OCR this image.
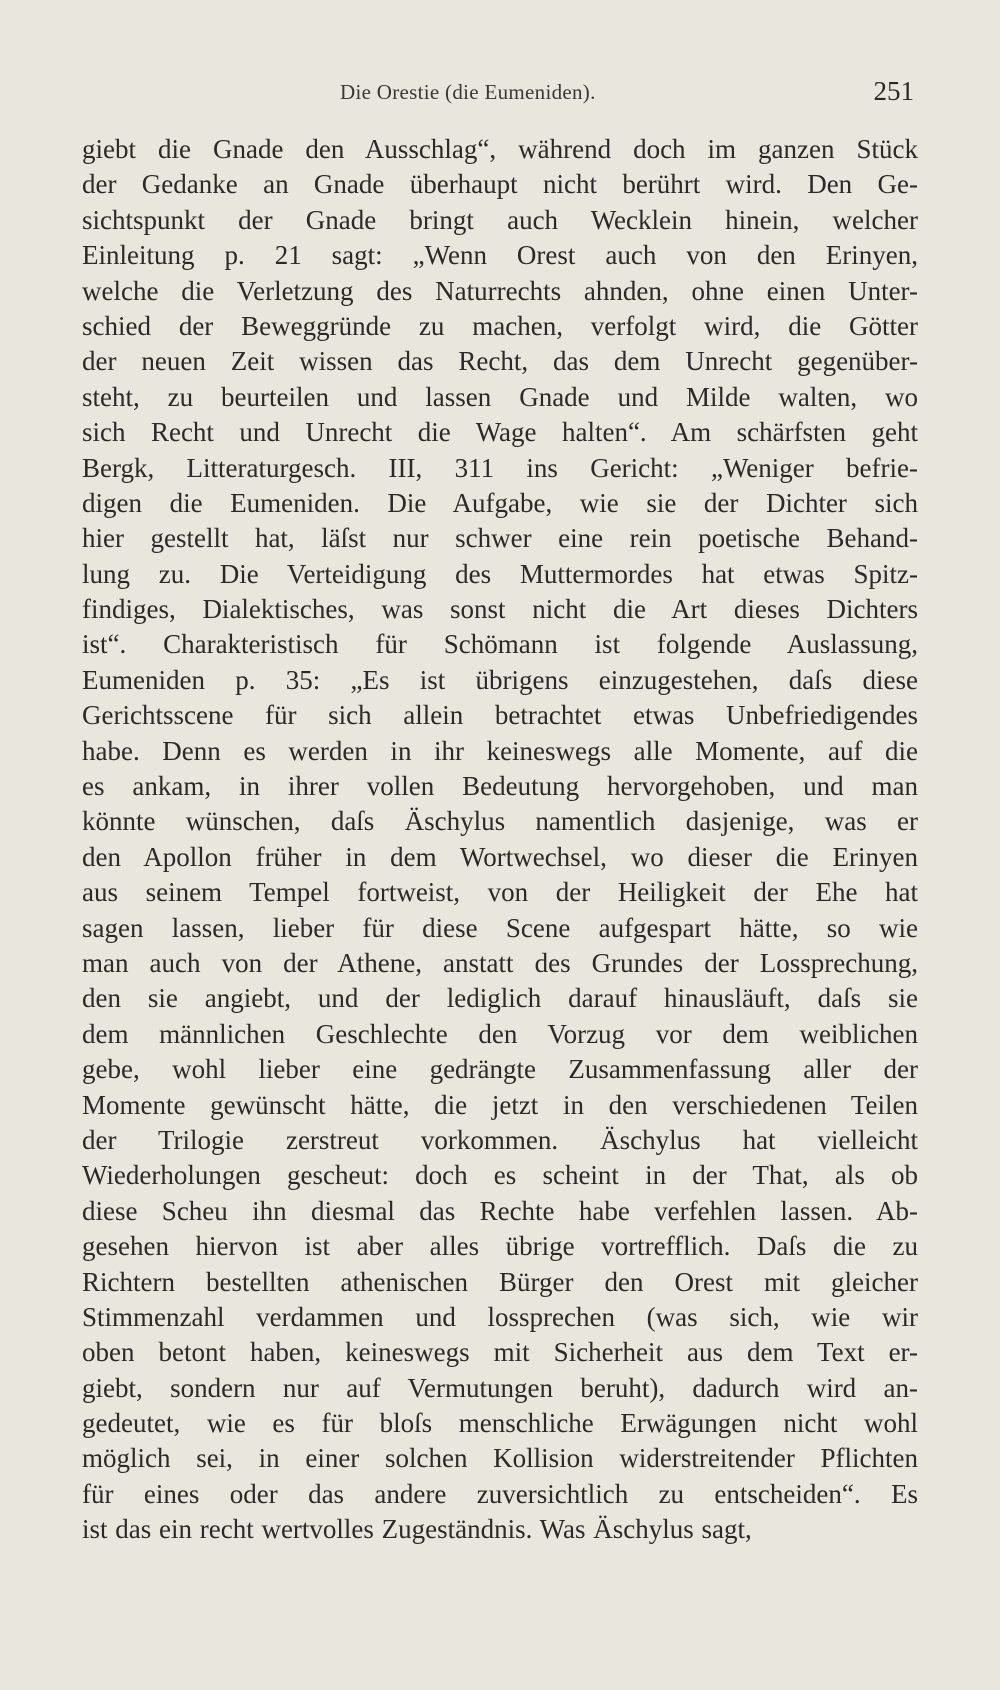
Die Orestie (die Eumeniden).	251
giebt die Gnade den Ausschlag“, während doch im ganzen Stück
der Gedanke an Gnade überhaupt nicht berührt wird. Den Ge-
sichtspunkt der Gnade bringt auch Wecklein hinein, welcher
Einleitung p. 21 sagt: „Wenn Orest auch von den Erinyen,
welche die Verletzung des Naturrechts ahnden, ohne einen Unter-
schied der Beweggründe zu machen, verfolgt wird, die Götter
der neuen Zeit wissen das Recht, das dem Unrecht gegenüber-
steht, zu beurteilen und lassen Gnade und Milde walten, wo
sich Recht und Unrecht die Wage halten“. Am schärfsten geht
Bergk, Litteraturgesch. III, 311 ins Gericht: „Weniger befrie-
digen die Eumeniden. Die Aufgabe, wie sie der Dichter sich
hier gestellt hat, läſst nur schwer eine rein poetische Behand-
lung zu. Die Verteidigung des Muttermordes hat etwas Spitz-
findiges, Dialektisches, was sonst nicht die Art dieses Dichters
ist“. Charakteristisch für Schömann ist folgende Auslassung,
Eumeniden p. 35: „Es ist übrigens einzugestehen, daſs diese
Gerichtsscene für sich allein betrachtet etwas Unbefriedigendes
habe. Denn es werden in ihr keineswegs alle Momente, auf die
es ankam, in ihrer vollen Bedeutung hervorgehoben, und man
könnte wünschen, daſs Äschylus namentlich dasjenige, was er
den Apollon früher in dem Wortwechsel, wo dieser die Erinyen
aus seinem Tempel fortweist, von der Heiligkeit der Ehe hat
sagen lassen, lieber für diese Scene aufgespart hätte, so wie
man auch von der Athene, anstatt des Grundes der Lossprechung,
den sie angiebt, und der lediglich darauf hinausläuft, daſs sie
dem männlichen Geschlechte den Vorzug vor dem weiblichen
gebe, wohl lieber eine gedrängte Zusammenfassung aller der
Momente gewünscht hätte, die jetzt in den verschiedenen Teilen
der Trilogie zerstreut vorkommen. Äschylus hat vielleicht
Wiederholungen gescheut: doch es scheint in der That, als ob
diese Scheu ihn diesmal das Rechte habe verfehlen lassen. Ab-
gesehen hiervon ist aber alles übrige vortrefflich. Daſs die zu
Richtern bestellten athenischen Bürger den Orest mit gleicher
Stimmenzahl verdammen und lossprechen (was sich, wie wir
oben betont haben, keineswegs mit Sicherheit aus dem Text er-
giebt, sondern nur auf Vermutungen beruht), dadurch wird an-
gedeutet, wie es für bloſs menschliche Erwägungen nicht wohl
möglich sei, in einer solchen Kollision widerstreitender Pflichten
für eines oder das andere zuversichtlich zu entscheiden“. Es
ist das ein recht wertvolles Zugeständnis. Was Äschylus sagt,
